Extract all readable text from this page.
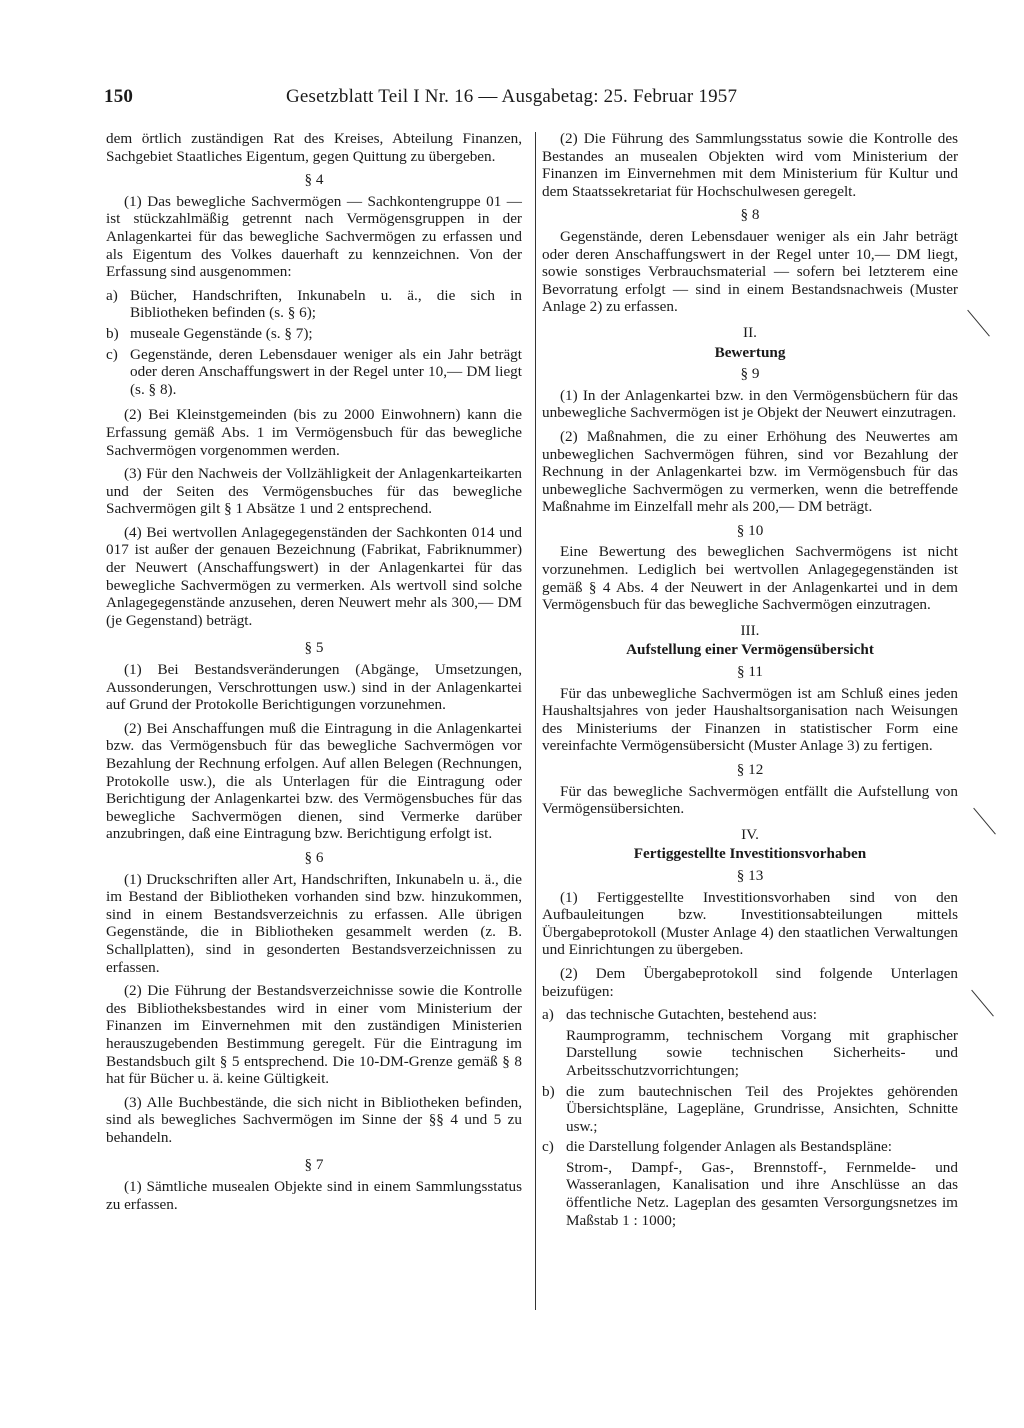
150	Gesetzblatt Teil I Nr. 16 — Ausgabetag: 25. Februar 1957

dem örtlich zuständigen Rat des Kreises, Abteilung Finanzen, Sachgebiet Staatliches Eigentum, gegen Quittung zu übergeben.

§ 4

(1) Das bewegliche Sachvermögen — Sachkontengruppe 01 — ist stückzahlmäßig getrennt nach Vermögensgruppen in der Anlagenkartei für das bewegliche Sachvermögen zu erfassen und als Eigentum des Volkes dauerhaft zu kennzeichnen. Von der Erfassung sind ausgenommen:

a) Bücher, Handschriften, Inkunabeln u. ä., die sich in Bibliotheken befinden (s. § 6);
b) museale Gegenstände (s. § 7);
c) Gegenstände, deren Lebensdauer weniger als ein Jahr beträgt oder deren Anschaffungswert in der Regel unter 10,— DM liegt (s. § 8).

(2) Bei Kleinstgemeinden (bis zu 2000 Einwohnern) kann die Erfassung gemäß Abs. 1 im Vermögensbuch für das bewegliche Sachvermögen vorgenommen werden.

(3) Für den Nachweis der Vollzähligkeit der Anlagenkarteikarten und der Seiten des Vermögensbuches für das bewegliche Sachvermögen gilt § 1 Absätze 1 und 2 entsprechend.

(4) Bei wertvollen Anlagegegenständen der Sachkonten 014 und 017 ist außer der genauen Bezeichnung (Fabrikat, Fabriknummer) der Neuwert (Anschaffungswert) in der Anlagenkartei für das bewegliche Sachvermögen zu vermerken. Als wertvoll sind solche Anlagegegenstände anzusehen, deren Neuwert mehr als 300,— DM (je Gegenstand) beträgt.

§ 5

(1) Bei Bestandsveränderungen (Abgänge, Umsetzungen, Aussonderungen, Verschrottungen usw.) sind in der Anlagenkartei auf Grund der Protokolle Berichtigungen vorzunehmen.

(2) Bei Anschaffungen muß die Eintragung in die Anlagenkartei bzw. das Vermögensbuch für das bewegliche Sachvermögen vor Bezahlung der Rechnung erfolgen. Auf allen Belegen (Rechnungen, Protokolle usw.), die als Unterlagen für die Eintragung oder Berichtigung der Anlagenkartei bzw. des Vermögensbuches für das bewegliche Sachvermögen dienen, sind Vermerke darüber anzubringen, daß eine Eintragung bzw. Berichtigung erfolgt ist.

§ 6

(1) Druckschriften aller Art, Handschriften, Inkunabeln u. ä., die im Bestand der Bibliotheken vorhanden sind bzw. hinzukommen, sind in einem Bestandsverzeichnis zu erfassen. Alle übrigen Gegenstände, die in Bibliotheken gesammelt werden (z. B. Schallplatten), sind in gesonderten Bestandsverzeichnissen zu erfassen.

(2) Die Führung der Bestandsverzeichnisse sowie die Kontrolle des Bibliotheksbestandes wird in einer vom Ministerium der Finanzen im Einvernehmen mit den zuständigen Ministerien herauszugebenden Bestimmung geregelt. Für die Eintragung im Bestandsbuch gilt § 5 entsprechend. Die 10-DM-Grenze gemäß § 8 hat für Bücher u. ä. keine Gültigkeit.

(3) Alle Buchbestände, die sich nicht in Bibliotheken befinden, sind als bewegliches Sachvermögen im Sinne der §§ 4 und 5 zu behandeln.

§ 7

(1) Sämtliche musealen Objekte sind in einem Sammlungsstatus zu erfassen.

(2) Die Führung des Sammlungsstatus sowie die Kontrolle des Bestandes an musealen Objekten wird vom Ministerium der Finanzen im Einvernehmen mit dem Ministerium für Kultur und dem Staatssekretariat für Hochschulwesen geregelt.

§ 8

Gegenstände, deren Lebensdauer weniger als ein Jahr beträgt oder deren Anschaffungswert in der Regel unter 10,— DM liegt, sowie sonstiges Verbrauchsmaterial — sofern bei letzterem eine Bevorratung erfolgt — sind in einem Bestandsnachweis (Muster Anlage 2) zu erfassen.

II.
Bewertung
§ 9

(1) In der Anlagenkartei bzw. in den Vermögensbüchern für das unbewegliche Sachvermögen ist je Objekt der Neuwert einzutragen.

(2) Maßnahmen, die zu einer Erhöhung des Neuwertes am unbeweglichen Sachvermögen führen, sind vor Bezahlung der Rechnung in der Anlagenkartei bzw. im Vermögensbuch für das unbewegliche Sachvermögen zu vermerken, wenn die betreffende Maßnahme im Einzelfall mehr als 200,— DM beträgt.

§ 10

Eine Bewertung des beweglichen Sachvermögens ist nicht vorzunehmen. Lediglich bei wertvollen Anlagegegenständen ist gemäß § 4 Abs. 4 der Neuwert in der Anlagenkartei und in dem Vermögensbuch für das bewegliche Sachvermögen einzutragen.

III.
Aufstellung einer Vermögensübersicht
§ 11

Für das unbewegliche Sachvermögen ist am Schluß eines jeden Haushaltsjahres von jeder Haushaltsorganisation nach Weisungen des Ministeriums der Finanzen in statistischer Form eine vereinfachte Vermögensübersicht (Muster Anlage 3) zu fertigen.

§ 12

Für das bewegliche Sachvermögen entfällt die Aufstellung von Vermögensübersichten.

IV.
Fertiggestellte Investitionsvorhaben
§ 13

(1) Fertiggestellte Investitionsvorhaben sind von den Aufbauleitungen bzw. Investitionsabteilungen mittels Übergabeprotokoll (Muster Anlage 4) den staatlichen Verwaltungen und Einrichtungen zu übergeben.

(2) Dem Übergabeprotokoll sind folgende Unterlagen beizufügen:

a) das technische Gutachten, bestehend aus:
Raumprogramm, technischem Vorgang mit graphischer Darstellung sowie technischen Sicherheits- und Arbeitsschutzvorrichtungen;
b) die zum bautechnischen Teil des Projektes gehörenden Übersichtspläne, Lagepläne, Grundrisse, Ansichten, Schnitte usw.;
c) die Darstellung folgender Anlagen als Bestandspläne:
Strom-, Dampf-, Gas-, Brennstoff-, Fernmelde- und Wasseranlagen, Kanalisation und ihre Anschlüsse an das öffentliche Netz. Lageplan des gesamten Versorgungsnetzes im Maßstab 1 : 1000;
